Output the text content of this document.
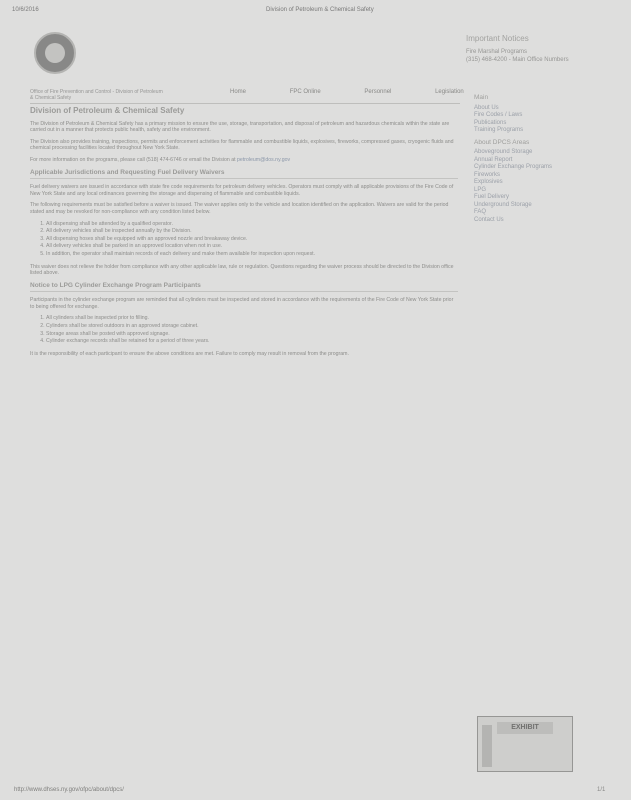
10/6/2016	Division of Petroleum & Chemical Safety
Important Notices
Fire Marshal Programs
(315) 468-4200 - Main Office Numbers
Office of Fire Prevention and Control - Division of Petroleum
& Chemical Safety
Home	FPC Online	Personnel	Legislation
Division of Petroleum & Chemical Safety

The Division of Petroleum & Chemical Safety has a primary mission to ensure the use, storage, transportation, and disposal of petroleum and hazardous chemicals within the state are carried out in a manner that protects public health, safety and the environment.

The Division also provides training, inspections, permits and enforcement activities for flammable and combustible liquids, explosives, fireworks, compressed gases, cryogenic fluids and chemical processing facilities located throughout New York State.

For more information on the programs, please call (518) 474-6746 or email the Division at petroleum@dos.ny.gov

Applicable Jurisdictions and Requesting Fuel Delivery Waivers

Fuel delivery waivers are issued in accordance with state fire code requirements for petroleum delivery vehicles. Operators must comply with all applicable provisions of the Fire Code of New York State and any local ordinances governing the storage and dispensing of flammable and combustible liquids.

The following requirements must be satisfied before a waiver is issued. The waiver applies only to the vehicle and location identified on the application. Waivers are valid for the period stated and may be revoked for non-compliance with any condition listed below.

1. All dispensing shall be attended by a qualified operator.
2. All delivery vehicles shall be inspected annually by the Division.
3. All dispensing hoses shall be equipped with an approved nozzle and breakaway device.
4. All delivery vehicles shall be parked in an approved location when not in use.
5. In addition, the operator shall maintain records of each delivery and make them available for inspection upon request.

This waiver does not relieve the holder from compliance with any other applicable law, rule or regulation. Questions regarding the waiver process should be directed to the Division office listed above.

Notice to LPG Cylinder Exchange Program Participants

Participants in the cylinder exchange program are reminded that all cylinders must be inspected and stored in accordance with the requirements of the Fire Code of New York State prior to being offered for exchange.

1. All cylinders shall be inspected prior to filling.
2. Cylinders shall be stored outdoors in an approved storage cabinet.
3. Storage areas shall be posted with approved signage.
4. Cylinder exchange records shall be retained for a period of three years.

It is the responsibility of each participant to ensure the above conditions are met. Failure to comply may result in removal from the program.

Main
About Us
Fire Codes / Laws
Publications
Training Programs
About DPCS Areas
Aboveground Storage
Annual Report
Cylinder Exchange Programs
Fireworks
Explosives
LPG
Fuel Delivery
Underground Storage
FAQ
Contact Us
EXHIBIT
http://www.dhses.ny.gov/ofpc/about/dpcs/	1/1
